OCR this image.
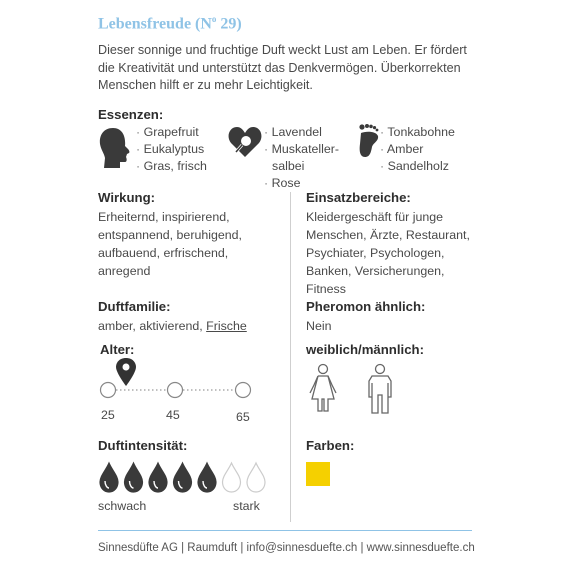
Lebensfreude ($N^o$ 29)
Dieser sonnige und fruchtige Duft weckt Lust am Leben. Er fördert die Kreativität und unterstützt das Denkvermögen. Überkorrekten Menschen hilft er zu mehr Leichtigkeit.
Essenzen:
· Grapefruit
· Eukalyptus
· Gras, frisch
· Lavendel
· Muskateller-
salbei
· Rose
· Tonkabohne
· Amber
· Sandelholz
Wirkung:
Erheiternd, inspirierend, entspannend, beruhigend, aufbauend, erfrischend, anregend
Einsatzbereiche:
Kleidergeschäft für junge Menschen, Ärzte, Restaurant, Psychiater, Psychologen, Banken, Versicherungen, Fitness
Duftfamilie:
amber, aktivierend, Frische
Pheromon ähnlich:
Nein
Alter:
25	45	65
weiblich/männlich:
Duftintensität:
schwach	stark
Farben:
Sinnesdüfte AG | Raumduft | info@sinnesduefte.ch | www.sinnesduefte.ch
